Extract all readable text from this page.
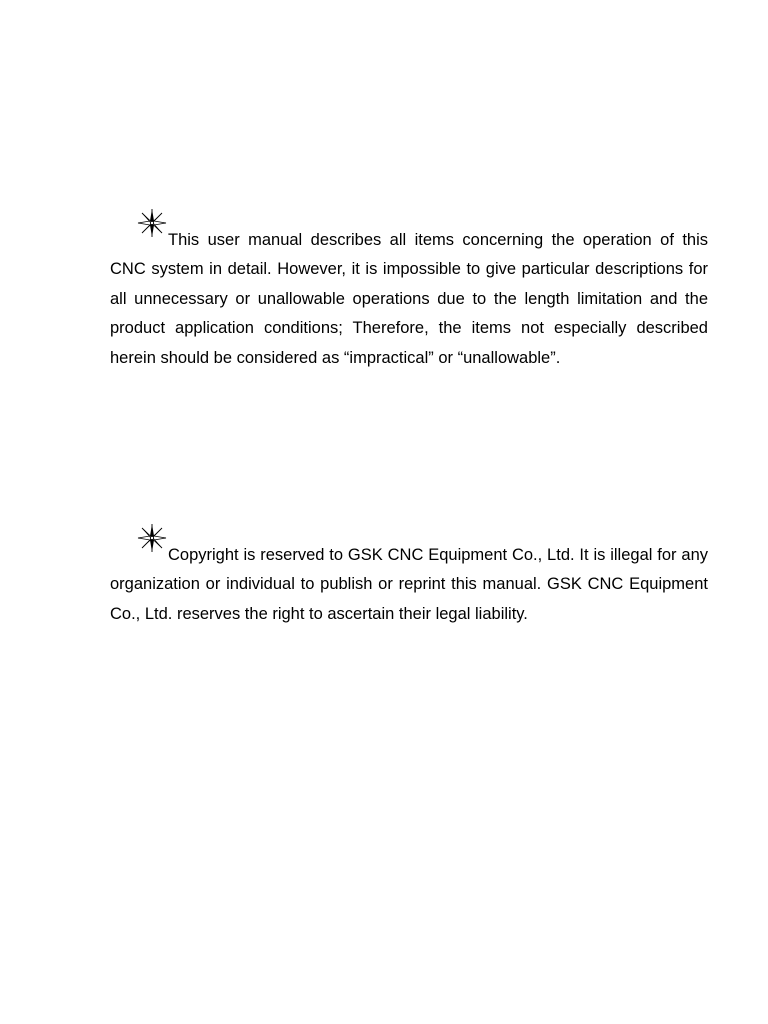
This user manual describes all items concerning the operation of this CNC system in detail. However, it is impossible to give particular descriptions for all unnecessary or unallowable operations due to the length limitation and the product application conditions; Therefore, the items not especially described herein should be considered as “impractical” or “unallowable”.

Copyright is reserved to GSK CNC Equipment Co., Ltd. It is illegal for any organization or individual to publish or reprint this manual. GSK CNC Equipment Co., Ltd. reserves the right to ascertain their legal liability.
